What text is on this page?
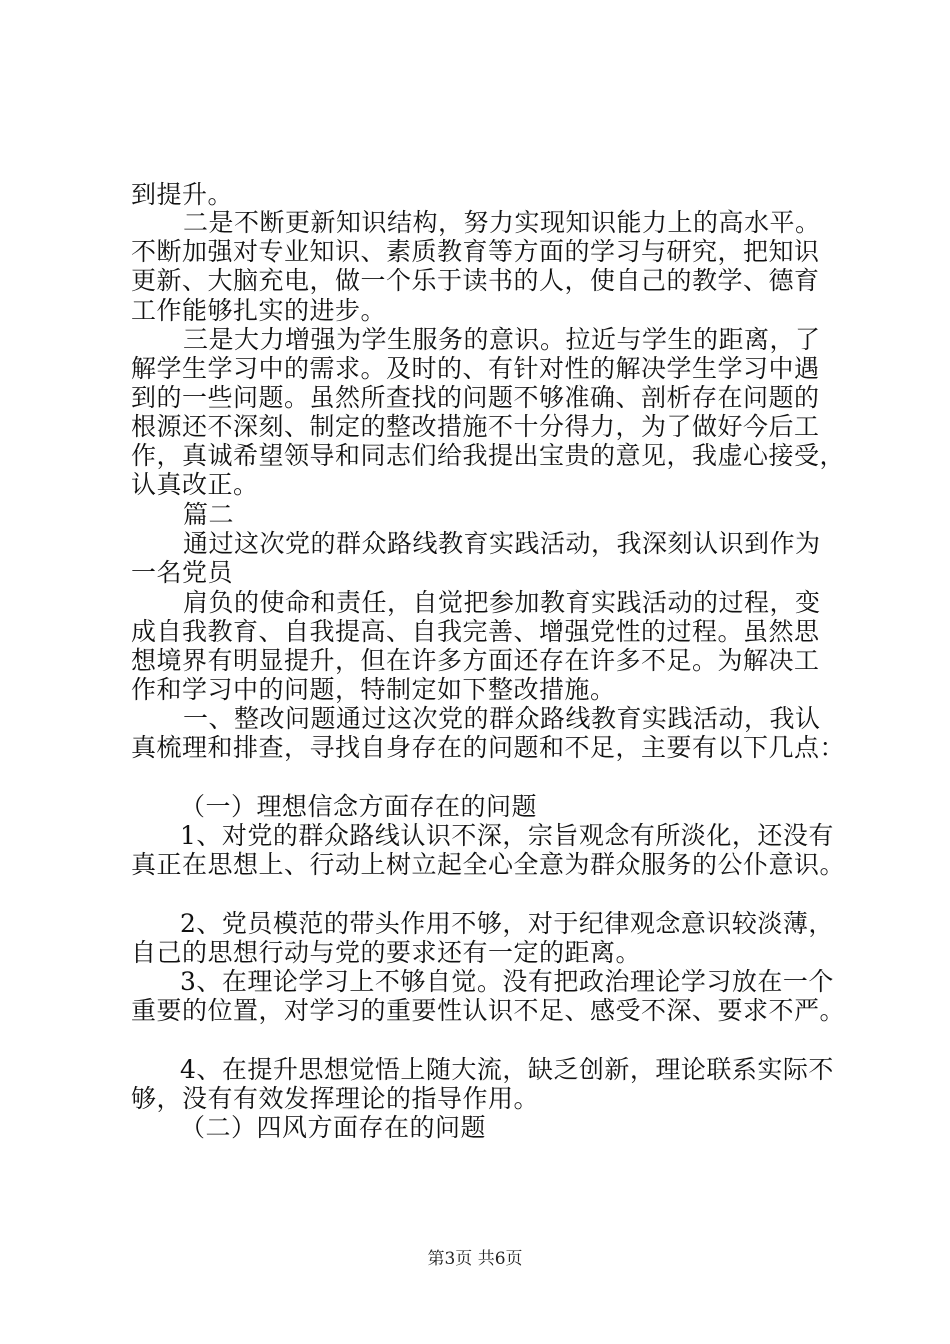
到提升。
二是不断更新知识结构，努力实现知识能力上的高水平。
不断加强对专业知识、素质教育等方面的学习与研究，把知识
更新、大脑充电，做一个乐于读书的人，使自己的教学、德育
工作能够扎实的进步。
三是大力增强为学生服务的意识。拉近与学生的距离，了
解学生学习中的需求。及时的、有针对性的解决学生学习中遇
到的一些问题。虽然所查找的问题不够准确、剖析存在问题的
根源还不深刻、制定的整改措施不十分得力，为了做好今后工
作，真诚希望领导和同志们给我提出宝贵的意见，我虚心接受，
认真改正。
篇二
通过这次党的群众路线教育实践活动，我深刻认识到作为
一名党员
肩负的使命和责任，自觉把参加教育实践活动的过程，变
成自我教育、自我提高、自我完善、增强党性的过程。虽然思
想境界有明显提升，但在许多方面还存在许多不足。为解决工
作和学习中的问题，特制定如下整改措施。
一、整改问题通过这次党的群众路线教育实践活动，我认
真梳理和排查，寻找自身存在的问题和不足，主要有以下几点：
（一）理想信念方面存在的问题
1、对党的群众路线认识不深，宗旨观念有所淡化，还没有
真正在思想上、行动上树立起全心全意为群众服务的公仆意识。
2、党员模范的带头作用不够，对于纪律观念意识较淡薄，
自己的思想行动与党的要求还有一定的距离。
3、在理论学习上不够自觉。没有把政治理论学习放在一个
重要的位置，对学习的重要性认识不足、感受不深、要求不严。
4、在提升思想觉悟上随大流，缺乏创新，理论联系实际不
够，没有有效发挥理论的指导作用。
（二）四风方面存在的问题
第3页 共6页
